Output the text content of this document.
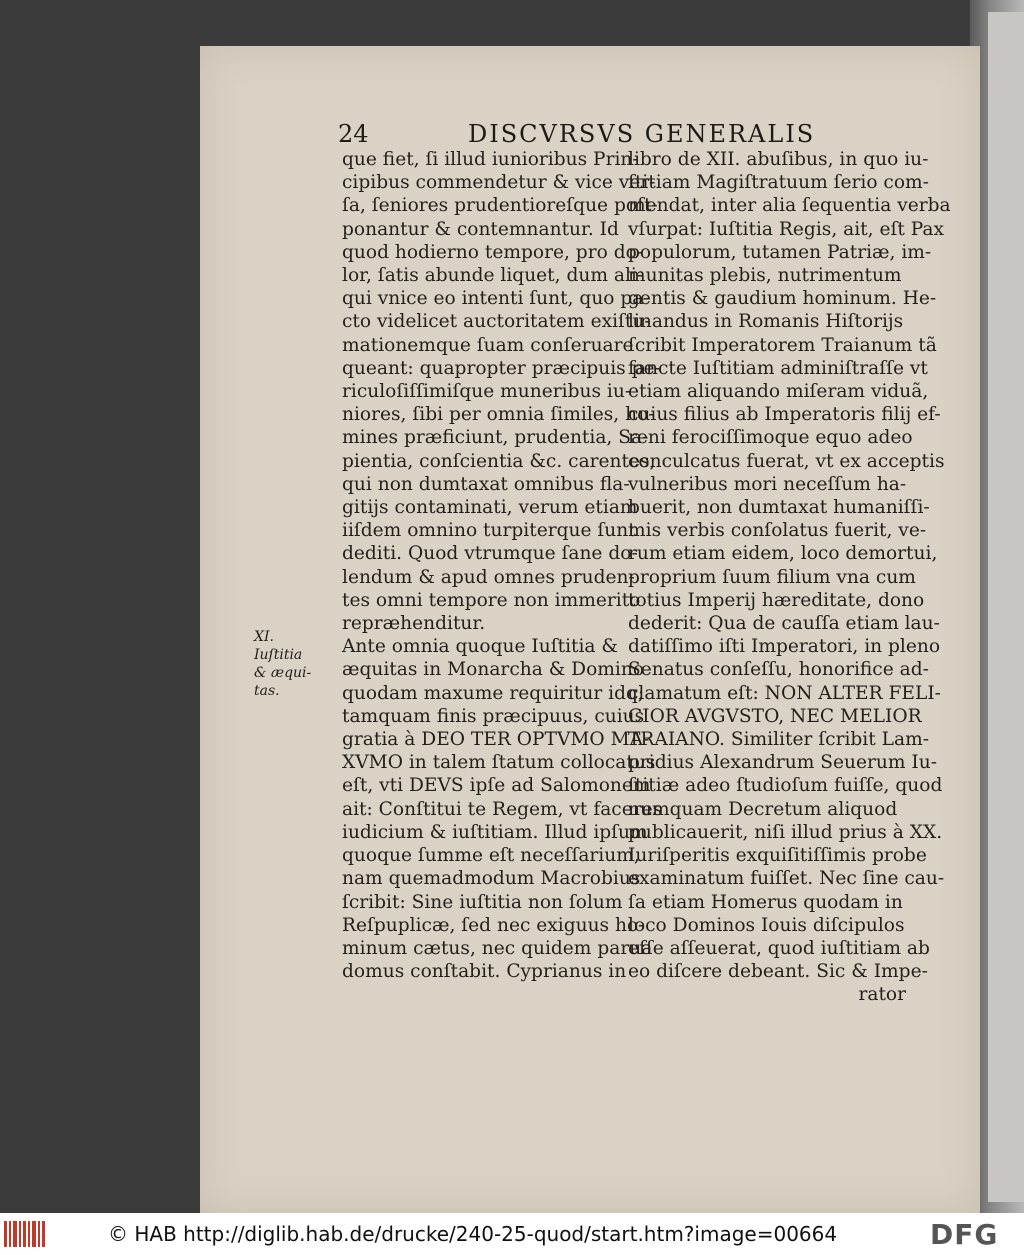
24	DISCVRSVS GENERALIS
XI.
Iuſtitia
& æqui-
tas.
que fiet, ſi illud iunioribus Prin-
cipibus commendetur & vice ver-
ſa, ſeniores prudentioreſque poſt-
ponantur & contemnantur. Id
quod hodierno tempore, pro do-
lor, ſatis abunde liquet, dum ali-
qui vnice eo intenti ſunt, quo pa-
cto videlicet auctoritatem exiſtu-
mationemque ſuam conſeruare
queant: quapropter præcipuis pe-
riculoſiſſimiſque muneribus iu-
niores, ſibi per omnia ſimiles, ho-
mines præficiunt, prudentia, Sa-
pientia, conſcientia &c. carentes,
qui non dumtaxat omnibus fla-
gitijs contaminati, verum etiam
iiſdem omnino turpiterque ſunt
dediti. Quod vtrumque ſane do-
lendum & apud omnes pruden-
tes omni tempore non immerito
repræhenditur.
Ante omnia quoque Iuſtitia &
æquitas in Monarcha & Domino
quodam maxume requiritur idq;
tamquam finis præcipuus, cuius
gratia à DEO TER OPTVMO MA-
XVMO in talem ſtatum collocatus
eſt, vti DEVS ipſe ad Salomonem
ait: Conſtitui te Regem, vt faceres
iudicium & iuſtitiam. Illud ipſum
quoque ſumme eſt neceſſarium,
nam quemadmodum Macrobius
ſcribit: Sine iuſtitia non ſolum
Reſpuplicæ, ſed nec exiguus ho-
minum cætus, nec quidem parua
domus conſtabit. Cyprianus in
libro de XII. abuſibus, in quo iu-
ſtitiam Magiſtratuum ſerio com-
mendat, inter alia ſequentia verba
vſurpat: Iuſtitia Regis, ait, eſt Pax
populorum, tutamen Patriæ, im-
munitas plebis, nutrimentum
gentis & gaudium hominum. He-
linandus in Romanis Hiſtorijs
ſcribit Imperatorem Traianum tã
fancte Iuſtitiam adminiſtraſſe vt
etiam aliquando miſeram viduã,
cuius filius ab Imperatoris filij ef-
reni ferociſſimoque equo adeo
conculcatus fuerat, vt ex acceptis
vulneribus mori neceſſum ha-
buerit, non dumtaxat humaniſſi-
mis verbis conſolatus fuerit, ve-
rum etiam eidem, loco demortui,
proprium ſuum filium vna cum
totius Imperij hæreditate, dono
dederit: Qua de cauſſa etiam lau-
datiſſimo iſti Imperatori, in pleno
Senatus conſeſſu, honorifice ad-
clamatum eſt: NON ALTER FELI-
CIOR AVGVSTO, NEC MELIOR
TRAIANO. Similiter ſcribit Lam-
pridius Alexandrum Seuerum Iu-
ſtitiæ adeo ſtudioſum fuiſſe, quod
numquam Decretum aliquod
publicauerit, niſi illud prius à XX.
Iuriſperitis exquiſitiſſimis probe
examinatum fuiſſet. Nec ſine cau-
ſa etiam Homerus quodam in
loco Dominos Iouis diſcipulos
eſſe aſſeuerat, quod iuſtitiam ab
eo diſcere debeant. Sic & Impe-
rator
© HAB http://diglib.hab.de/drucke/240-25-quod/start.htm?image=00664	DFG
